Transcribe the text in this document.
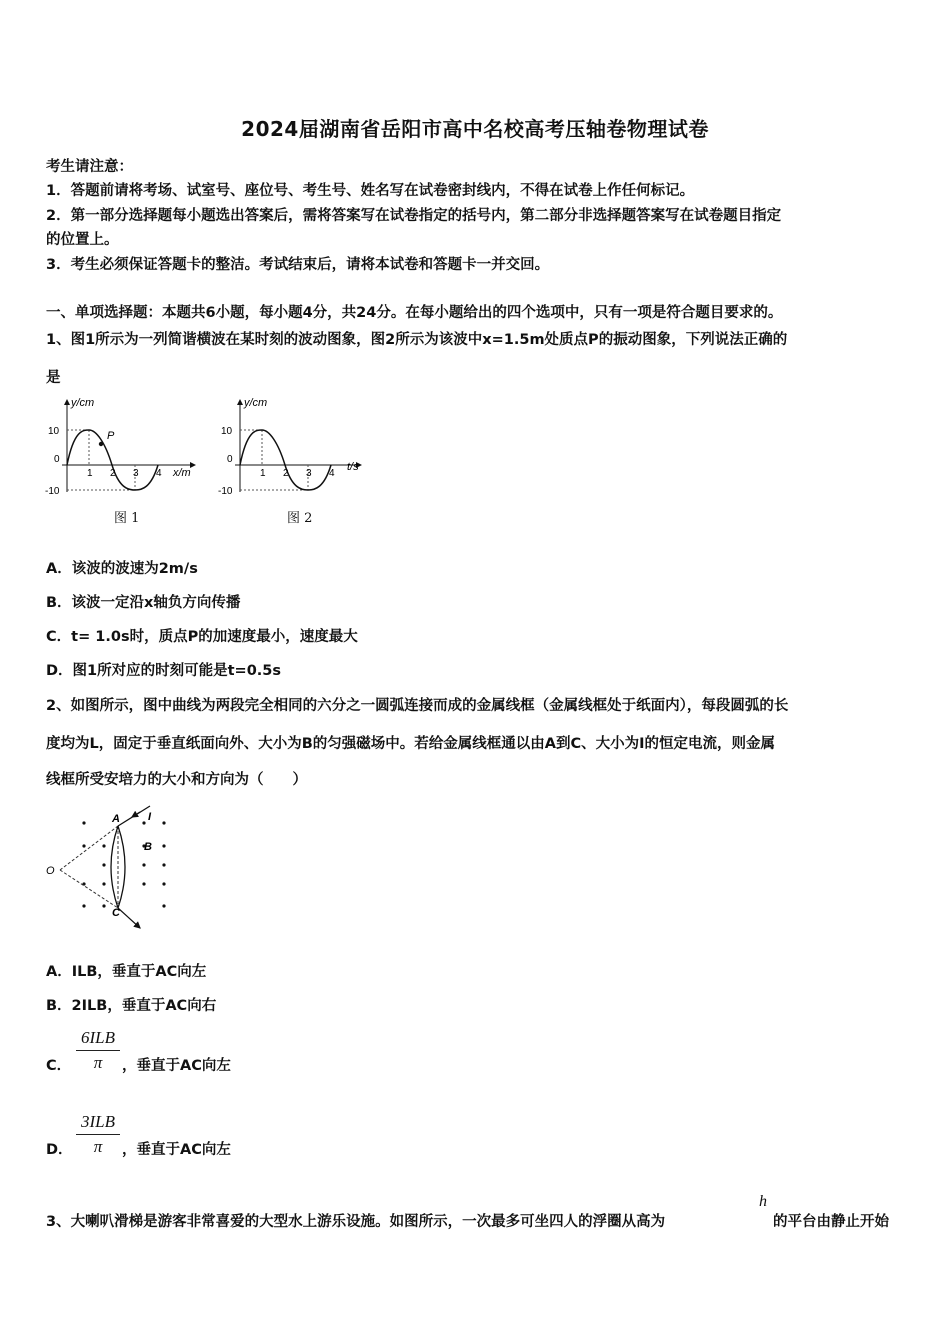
2024届湖南省岳阳市高中名校高考压轴卷物理试卷
考生请注意：
1．答题前请将考场、试室号、座位号、考生号、姓名写在试卷密封线内，不得在试卷上作任何标记。
2．第一部分选择题每小题选出答案后，需将答案写在试卷指定的括号内，第二部分非选择题答案写在试卷题目指定
的位置上。
3．考生必须保证答题卡的整洁。考试结束后，请将本试卷和答题卡一并交回。
一、单项选择题：本题共6小题，每小题4分，共24分。在每小题给出的四个选项中，只有一项是符合题目要求的。
1、图1所示为一列简谐横波在某时刻的波动图象，图2所示为该波中x=1.5m处质点P的振动图象，下列说法正确的
是
P
y/cm
x/m
10
0
-10
1 2 3 4
图 1
y/cm
t/s
10
0
-10
1 2 3 4
图 2
A．该波的波速为2m/s
B．该波一定沿x轴负方向传播
C．t= 1.0s时，质点P的加速度最小，速度最大
D．图1所对应的时刻可能是t=0.5s
2、如图所示，图中曲线为两段完全相同的六分之一圆弧连接而成的金属线框（金属线框处于纸面内），每段圆弧的长
度均为L，固定于垂直纸面向外、大小为B的匀强磁场中。若给金属线框通以由A到C、大小为I的恒定电流，则金属
线框所受安培力的大小和方向为（　　）
A	I
B
O
C
A．ILB，垂直于AC向左
B．2ILB，垂直于AC向右
C．
6ILB
π	，垂直于AC向左
D．
3ILB
π	，垂直于AC向左
3、大喇叭滑梯是游客非常喜爱的大型水上游乐设施。如图所示，一次最多可坐四人的浮圈从高为
h
的平台由静止开始
